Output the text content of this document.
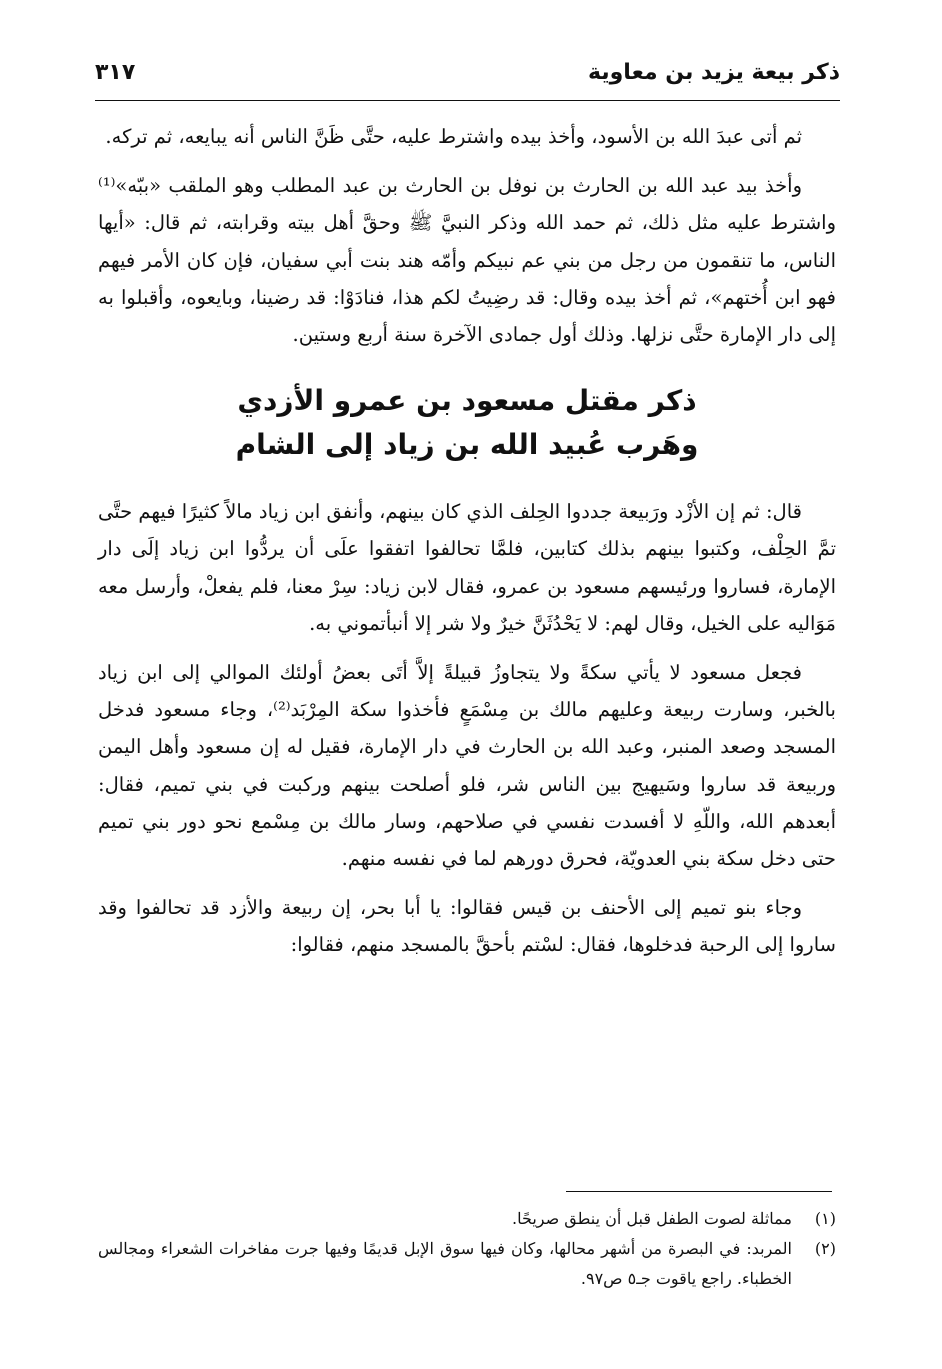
ذكر بيعة يزيد بن معاوية
٣١٧

ثم أتى عبدَ الله بن الأسود، وأخذ بيده واشترط عليه، حتَّى ظَنَّ الناس أنه يبايعه، ثم تركه.

وأخذ بيد عبد الله بن الحارث بن نوفل بن الحارث بن عبد المطلب وهو الملقب «ببّه»⁽¹⁾ واشترط عليه مثل ذلك، ثم حمد الله وذكر النبيَّ ﷺ وحقَّ أهل بيته وقرابته، ثم قال: «أيها الناس، ما تنقمون من رجل من بني عم نبيكم وأمّه هند بنت أبي سفيان، فإن كان الأمر فيهم فهو ابن أُختهم»، ثم أخذ بيده وقال: قد رضِيتُ لكم هذا، فنادَوْا: قد رضينا، وبايعوه، وأقبلوا به إلى دار الإمارة حتَّى نزلها. وذلك أول جمادى الآخرة سنة أربع وستين.

ذكر مقتل مسعود بن عمرو الأزدي
وهَرب عُبيد الله بن زياد إلى الشام

قال: ثم إن الأزْد ورَبيعة جددوا الحِلف الذي كان بينهم، وأنفق ابن زياد مالاً كثيرًا فيهم حتَّى تمَّ الحِلْف، وكتبوا بينهم بذلك كتابين، فلمَّا تحالفوا اتفقوا علَى أن يردُّوا ابن زياد إلَى دار الإمارة، فساروا ورئيسهم مسعود بن عمرو، فقال لابن زياد: سِرْ معنا، فلم يفعلْ، وأرسل معه مَوَاليه على الخيل، وقال لهم: لا يَحْدُثَنَّ خيرٌ ولا شر إلا أنبأتموني به.

فجعل مسعود لا يأتي سكةً ولا يتجاوزُ قبيلةً إلاَّ أتَى بعضُ أولئك الموالي إلى ابن زياد بالخبر، وسارت ربيعة وعليهم مالك بن مِسْمَعٍ فأخذوا سكة المِرْبَد⁽²⁾، وجاء مسعود فدخل المسجد وصعد المنبر، وعبد الله بن الحارث في دار الإمارة، فقيل له إن مسعود وأهل اليمن وربيعة قد ساروا وسَيهيج بين الناس شر، فلو أصلحت بينهم وركبت في بني تميم، فقال: أبعدهم الله، واللّهِ لا أفسدت نفسي في صلاحهم، وسار مالك بن مِسْمع نحو دور بني تميم حتى دخل سكة بني العدويّة، فحرق دورهم لما في نفسه منهم.

وجاء بنو تميم إلى الأحنف بن قيس فقالوا: يا أبا بحر، إن ربيعة والأزد قد تحالفوا وقد ساروا إلى الرحبة فدخلوها، فقال: لسْتم بأحقَّ بالمسجد منهم، فقالوا:

(١)
مماثلة لصوت الطفل قبل أن ينطق صريحًا.
(٢)
المربد: في البصرة من أشهر محالها، وكان فيها سوق الإبل قديمًا وفيها جرت مفاخرات الشعراء ومجالس الخطباء. راجع ياقوت جـ٥ ص٩٧.
